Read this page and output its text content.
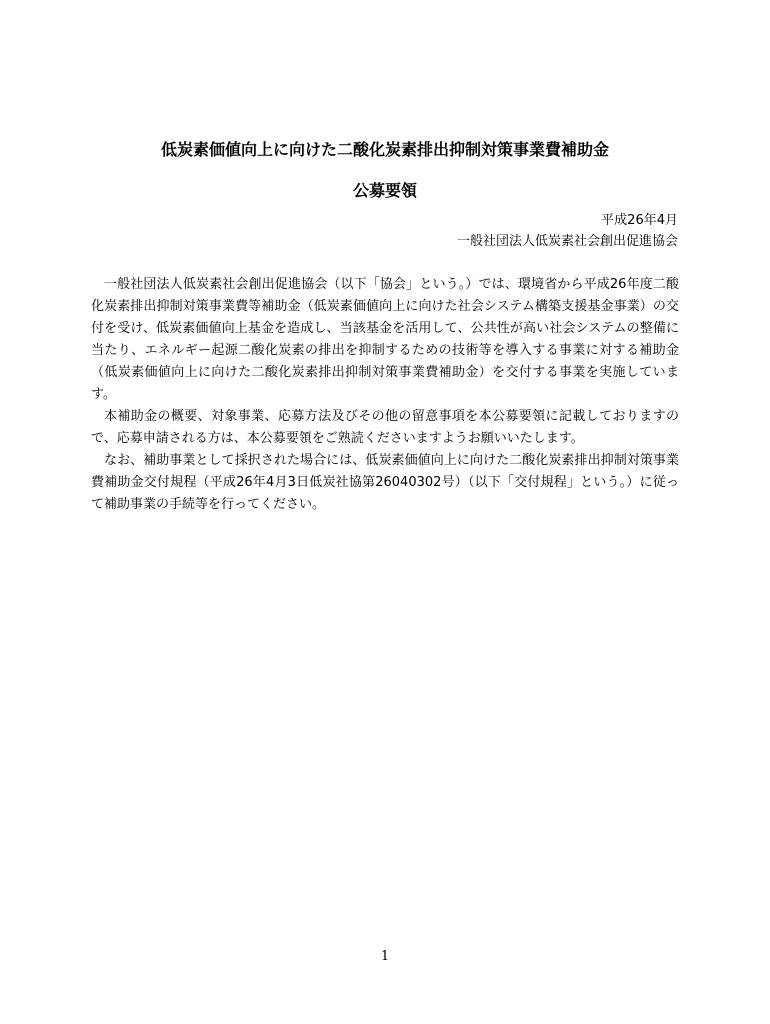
低炭素価値向上に向けた二酸化炭素排出抑制対策事業費補助金
公募要領
平成26年4月
一般社団法人低炭素社会創出促進協会

一般社団法人低炭素社会創出促進協会（以下「協会」という。）では、環境省から平成26年度二酸化炭素排出抑制対策事業費等補助金（低炭素価値向上に向けた社会システム構築支援基金事業）の交付を受け、低炭素価値向上基金を造成し、当該基金を活用して、公共性が高い社会システムの整備に当たり、エネルギー起源二酸化炭素の排出を抑制するための技術等を導入する事業に対する補助金（低炭素価値向上に向けた二酸化炭素排出抑制対策事業費補助金）を交付する事業を実施しています。

本補助金の概要、対象事業、応募方法及びその他の留意事項を本公募要領に記載しておりますので、応募申請される方は、本公募要領をご熟読くださいますようお願いいたします。

なお、補助事業として採択された場合には、低炭素価値向上に向けた二酸化炭素排出抑制対策事業費補助金交付規程（平成26年4月3日低炭社協第26040302号）（以下「交付規程」という。）に従って補助事業の手続等を行ってください。

1
